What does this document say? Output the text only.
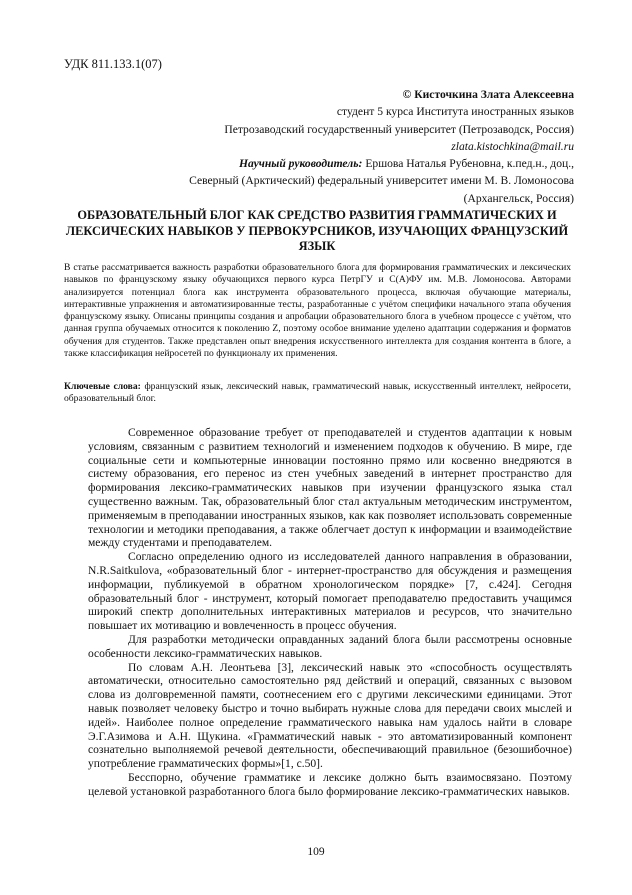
УДК 811.133.1(07)
© Кисточкина Злата Алексеевна
студент 5 курса Института иностранных языков
Петрозаводский государственный университет (Петрозаводск, Россия)
zlata.kistochkina@mail.ru
Научный руководитель: Ершова Наталья Рубеновна, к.пед.н., доц.,
Северный (Арктический) федеральный университет имени М. В. Ломоносова
(Архангельск, Россия)
ОБРАЗОВАТЕЛЬНЫЙ БЛОГ КАК СРЕДСТВО РАЗВИТИЯ ГРАММАТИЧЕСКИХ И ЛЕКСИЧЕСКИХ НАВЫКОВ У ПЕРВОКУРСНИКОВ, ИЗУЧАЮЩИХ ФРАНЦУЗСКИЙ ЯЗЫК
В статье рассматривается важность разработки образовательного блога для формирования грамматических и лексических навыков по французскому языку обучающихся первого курса ПетрГУ и С(А)ФУ им. М.В. Ломоносова. Авторами анализируется потенциал блога как инструмента образовательного процесса, включая обучающие материалы, интерактивные упражнения и автоматизированные тесты, разработанные с учётом специфики начального этапа обучения французскому языку. Описаны принципы создания и апробации образовательного блога в учебном процессе с учётом, что данная группа обучаемых относится к поколению Z, поэтому особое внимание уделено адаптации содержания и форматов обучения для студентов. Также представлен опыт внедрения искусственного интеллекта для создания контента в блоге, а также классификация нейросетей по функционалу их применения.
Ключевые слова: французский язык, лексический навык, грамматический навык, искусственный интеллект, нейросети, образовательный блог.

Современное образование требует от преподавателей и студентов адаптации к новым условиям, связанным с развитием технологий и изменением подходов к обучению. В мире, где социальные сети и компьютерные инновации постоянно прямо или косвенно внедряются в систему образования, его перенос из стен учебных заведений в интернет пространство для формирования лексико-грамматических навыков при изучении французского языка стал существенно важным. Так, образовательный блог стал актуальным методическим инструментом, применяемым в преподавании иностранных языков, как как позволяет использовать современные технологии и методики преподавания, а также облегчает доступ к информации и взаимодействие между студентами и преподавателем.

Согласно определению одного из исследователей данного направления в образовании, N.R.Saitkulova, «образовательный блог - интернет-пространство для обсуждения и размещения информации, публикуемой в обратном хронологическом порядке» [7, с.424]. Сегодня образовательный блог - инструмент, который помогает преподавателю предоставить учащимся широкий спектр дополнительных интерактивных материалов и ресурсов, что значительно повышает их мотивацию и вовлеченность в процесс обучения.

Для разработки методически оправданных заданий блога были рассмотрены основные особенности лексико-грамматических навыков.

По словам А.Н. Леонтьева [3], лексический навык это «способность осуществлять автоматически, относительно самостоятельно ряд действий и операций, связанных с вызовом слова из долговременной памяти, соотнесением его с другими лексическими единицами. Этот навык позволяет человеку быстро и точно выбирать нужные слова для передачи своих мыслей и идей». Наиболее полное определение грамматического навыка нам удалось найти в словаре Э.Г.Азимова и А.Н. Щукина. «Грамматический навык - это автоматизированный компонент сознательно выполняемой речевой деятельности, обеспечивающий правильное (безошибочное) употребление грамматических формы»[1, с.50].

Бесспорно, обучение грамматике и лексике должно быть взаимосвязано. Поэтому целевой установкой разработанного блога было формирование лексико-грамматических навыков.

109
